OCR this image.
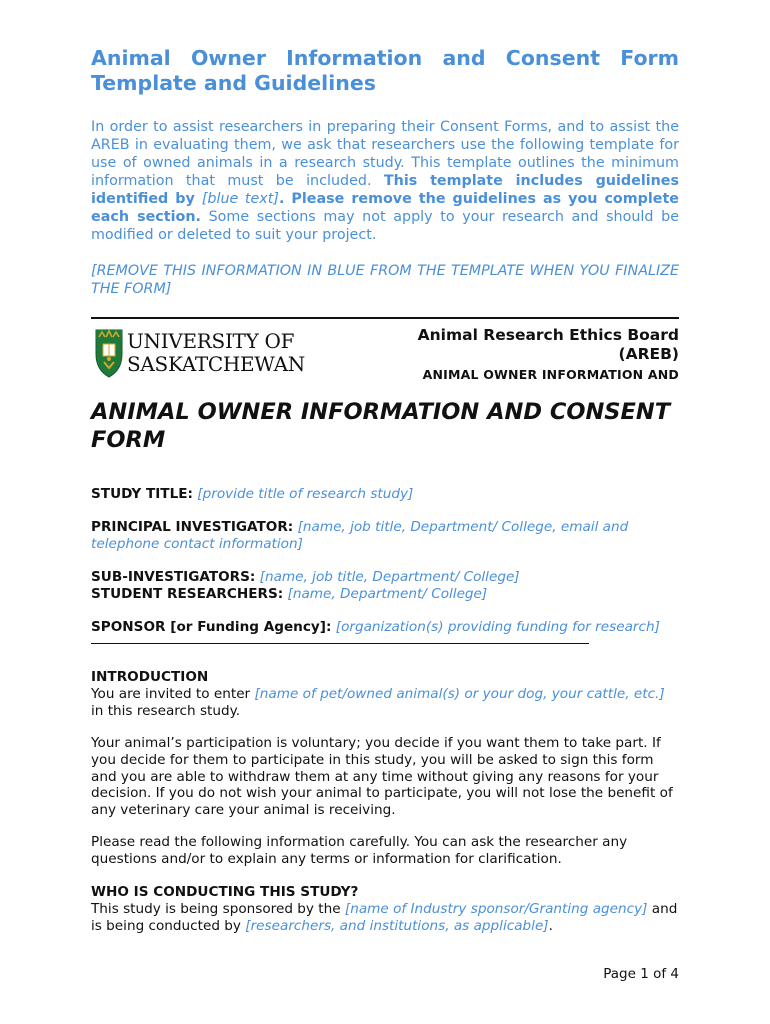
Animal Owner Information and Consent Form
Template and Guidelines
In order to assist researchers in preparing their Consent Forms, and to assist the AREB in evaluating them, we ask that researchers use the following template for use of owned animals in a research study. This template outlines the minimum information that must be included. This template includes guidelines identified by [blue text]. Please remove the guidelines as you complete each section. Some sections may not apply to your research and should be modified or deleted to suit your project.
[REMOVE THIS INFORMATION IN BLUE FROM THE TEMPLATE WHEN YOU FINALIZE THE FORM]
UNIVERSITY OF
SASKATCHEWAN
Animal Research Ethics Board
(AREB)
ANIMAL OWNER INFORMATION AND
ANIMAL OWNER INFORMATION AND CONSENT
FORM
STUDY TITLE: [provide title of research study]
PRINCIPAL INVESTIGATOR: [name, job title, Department/ College, email and telephone contact information]
SUB-INVESTIGATORS: [name, job title, Department/ College]
STUDENT RESEARCHERS: [name, Department/ College]
SPONSOR [or Funding Agency]: [organization(s) providing funding for research]
INTRODUCTION
You are invited to enter [name of pet/owned animal(s) or your dog, your cattle, etc.] in this research study.
Your animal’s participation is voluntary; you decide if you want them to take part. If you decide for them to participate in this study, you will be asked to sign this form and you are able to withdraw them at any time without giving any reasons for your decision. If you do not wish your animal to participate, you will not lose the benefit of any veterinary care your animal is receiving.
Please read the following information carefully. You can ask the researcher any questions and/or to explain any terms or information for clarification.
WHO IS CONDUCTING THIS STUDY?
This study is being sponsored by the [name of Industry sponsor/Granting agency] and is being conducted by [researchers, and institutions, as applicable].
Page 1 of 4
